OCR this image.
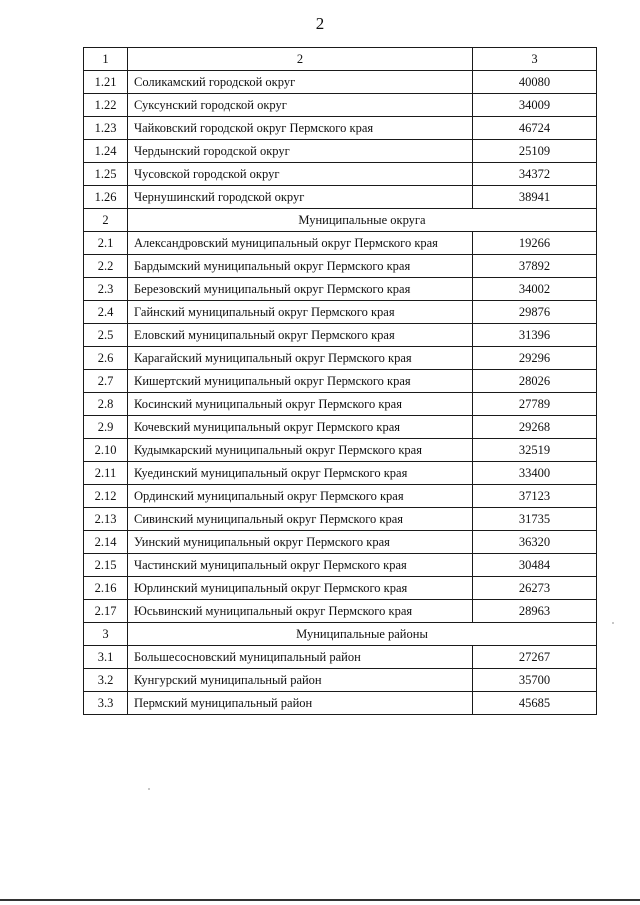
2
1	2	3
1.21	Соликамский городской округ	40080
1.22	Суксунский городской округ	34009
1.23	Чайковский городской округ Пермского края	46724
1.24	Чердынский городской округ	25109
1.25	Чусовской городской округ	34372
1.26	Чернушинский городской округ	38941
2	Муниципальные округа	
2.1	Александровский муниципальный округ Пермского края	19266
2.2	Бардымский муниципальный округ Пермского края	37892
2.3	Березовский муниципальный округ Пермского края	34002
2.4	Гайнский муниципальный округ Пермского края	29876
2.5	Еловский муниципальный округ Пермского края	31396
2.6	Карагайский муниципальный округ Пермского края	29296
2.7	Кишертский муниципальный округ Пермского края	28026
2.8	Косинский муниципальный округ Пермского края	27789
2.9	Кочевский муниципальный округ Пермского края	29268
2.10	Кудымкарский муниципальный округ Пермского края	32519
2.11	Куединский муниципальный округ Пермского края	33400
2.12	Ординский муниципальный округ Пермского края	37123
2.13	Сивинский муниципальный округ Пермского края	31735
2.14	Уинский муниципальный округ Пермского края	36320
2.15	Частинский муниципальный округ Пермского края	30484
2.16	Юрлинский муниципальный округ Пермского края	26273
2.17	Юсьвинский муниципальный округ Пермского края	28963
3	Муниципальные районы	
3.1	Большесосновский муниципальный район	27267
3.2	Кунгурский муниципальный район	35700
3.3	Пермский муниципальный район	45685
